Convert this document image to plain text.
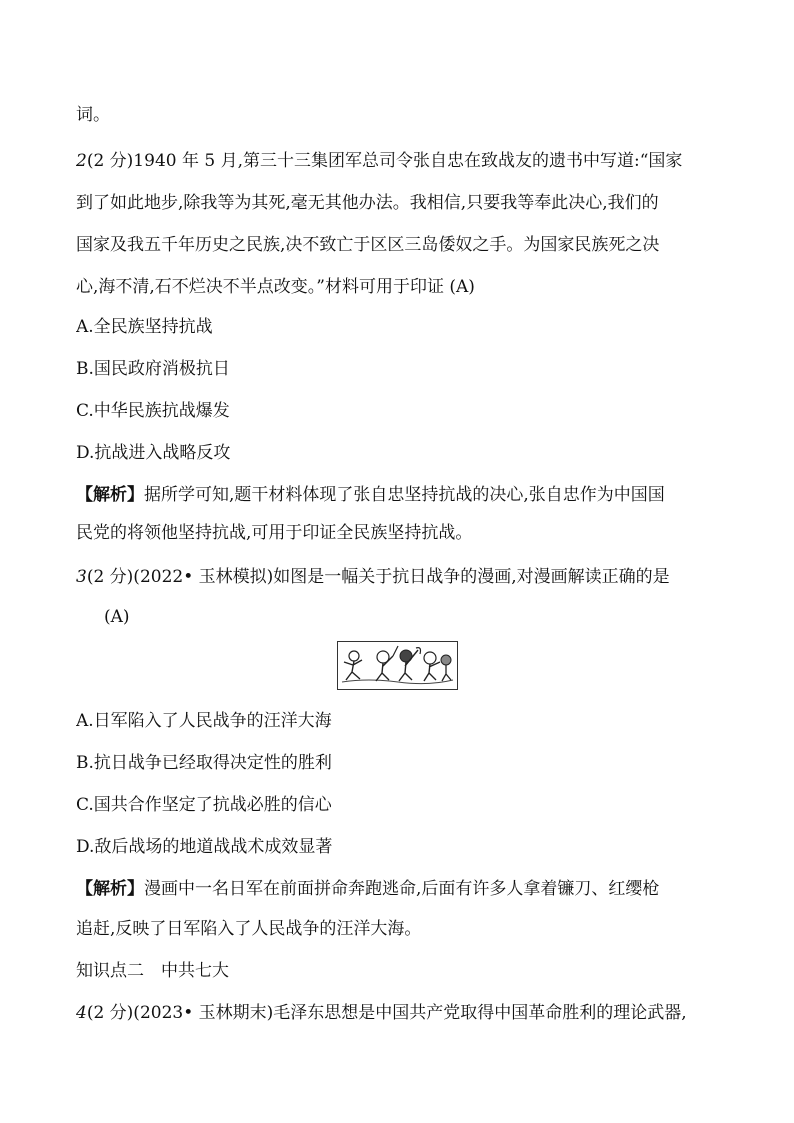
词。
2(2 分)1940 年 5 月,第三十三集团军总司令张自忠在致战友的遗书中写道:“国家
到了如此地步,除我等为其死,毫无其他办法。我相信,只要我等奉此决心,我们的
国家及我五千年历史之民族,决不致亡于区区三岛倭奴之手。为国家民族死之决
心,海不清,石不烂决不半点改变。”材料可用于印证 (A)
A.全民族坚持抗战
B.国民政府消极抗日
C.中华民族抗战爆发
D.抗战进入战略反攻
【解析】据所学可知,题干材料体现了张自忠坚持抗战的决心,张自忠作为中国国
民党的将领他坚持抗战,可用于印证全民族坚持抗战。
3(2 分)(2022• 玉林模拟)如图是一幅关于抗日战争的漫画,对漫画解读正确的是
(A)
A.日军陷入了人民战争的汪洋大海
B.抗日战争已经取得决定性的胜利
C.国共合作坚定了抗战必胜的信心
D.敌后战场的地道战战术成效显著
【解析】漫画中一名日军在前面拼命奔跑逃命,后面有许多人拿着镰刀、红缨枪
追赶,反映了日军陷入了人民战争的汪洋大海。
知识点二　中共七大
4(2 分)(2023• 玉林期末)毛泽东思想是中国共产党取得中国革命胜利的理论武器,
